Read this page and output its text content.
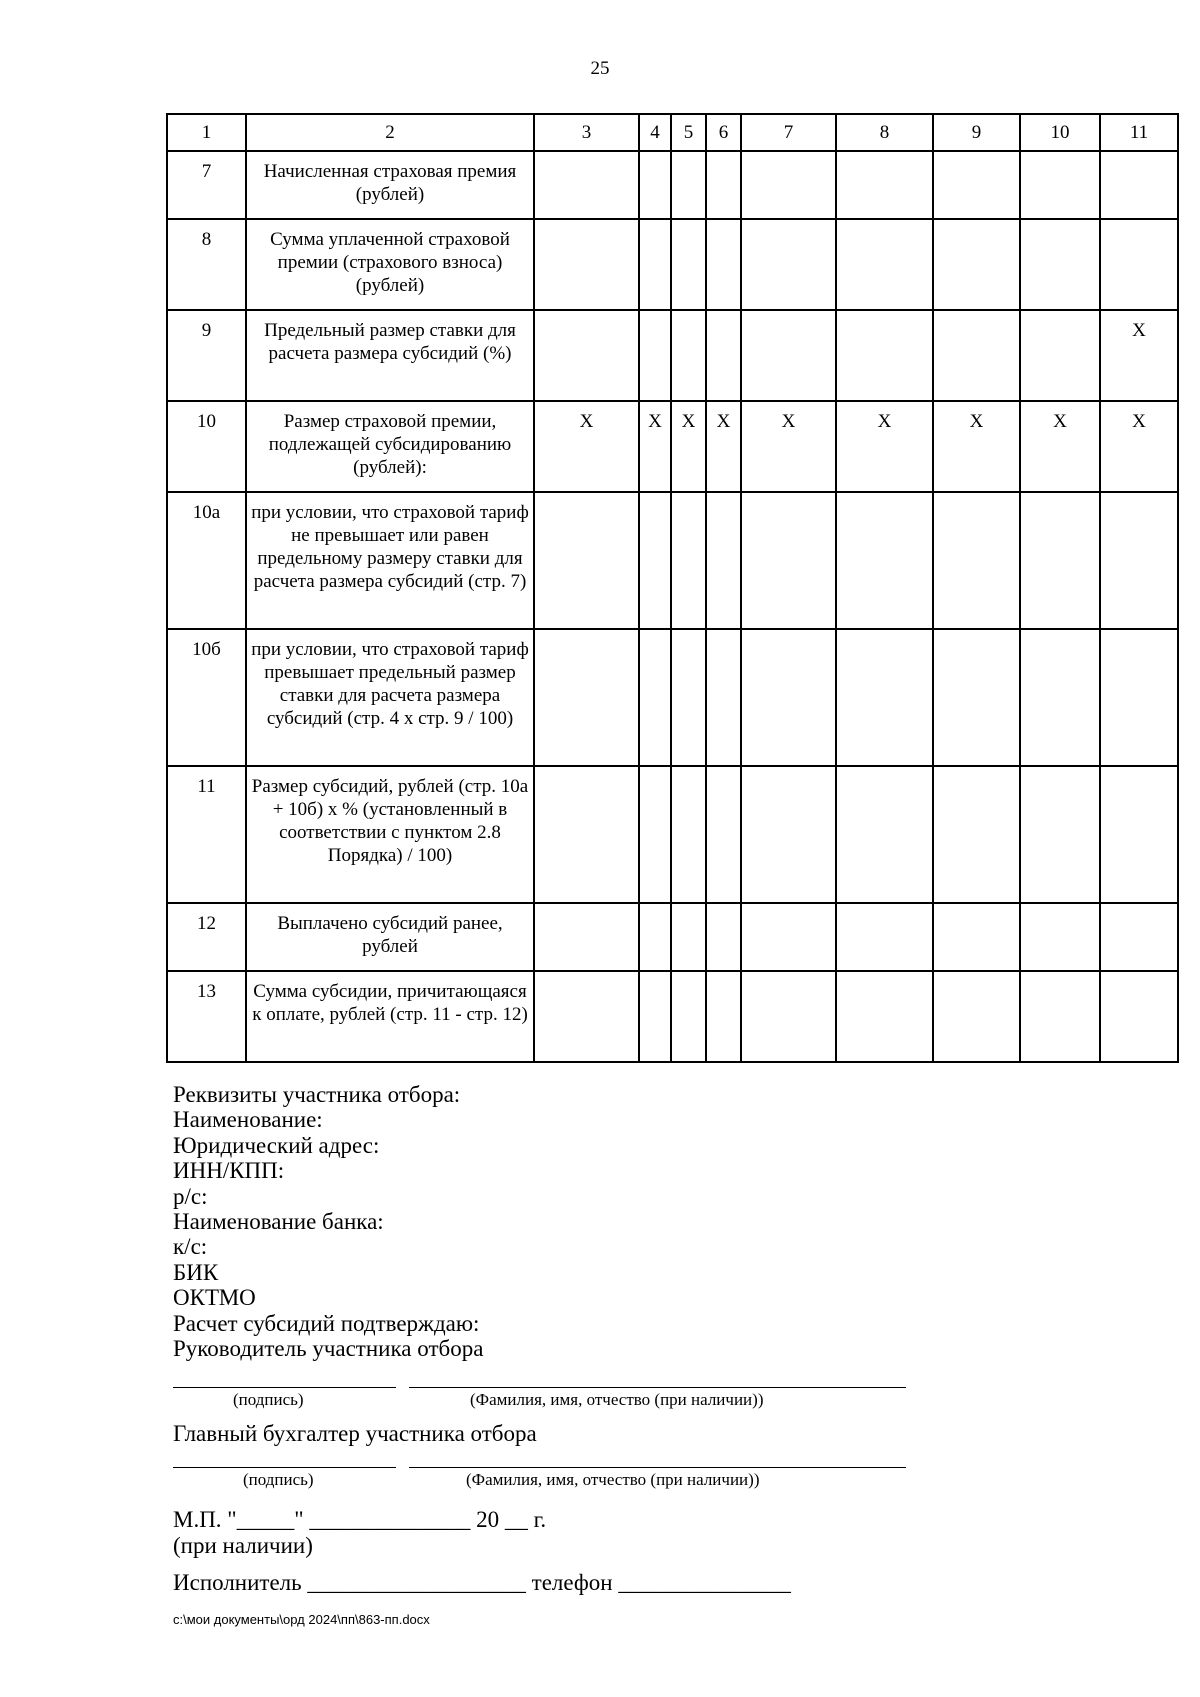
25
1	2	3	4	5	6	7	8	9	10	11
7	Начисленная страховая премия (рублей)									
8	Сумма уплаченной страховой премии (страхового взноса) (рублей)									
9	Предельный размер ставки для расчета размера субсидий (%)									Х
10	Размер страховой премии, подлежащей субсидированию (рублей):	Х	Х	Х	Х	Х	Х	Х	Х	Х
10а	при условии, что страховой тариф не превышает или равен предельному размеру ставки для расчета размера субсидий (стр. 7)									
10б	при условии, что страховой тариф превышает предельный размер ставки для расчета размера субсидий (стр. 4 x стр. 9 / 100)									
11	Размер субсидий, рублей (стр. 10а + 10б) x % (установленный в соответствии с пунктом 2.8 Порядка) / 100)									
12	Выплачено субсидий ранее, рублей									
13	Сумма субсидии, причитающаяся к оплате, рублей (стр. 11 - стр. 12)									
Реквизиты участника отбора:
Наименование:
Юридический адрес:
ИНН/КПП:
р/с:
Наименование банка:
к/с:
БИК
ОКТМО
Расчет субсидий подтверждаю:
Руководитель участника отбора
(подпись)	(Фамилия, имя, отчество (при наличии))
Главный бухгалтер участника отбора
(подпись)	(Фамилия, имя, отчество (при наличии))
М.П. "_____" ______________ 20 __ г.
(при наличии)
Исполнитель ___________________ телефон _______________
c:\мои документы\орд 2024\пп\863-пп.docx
